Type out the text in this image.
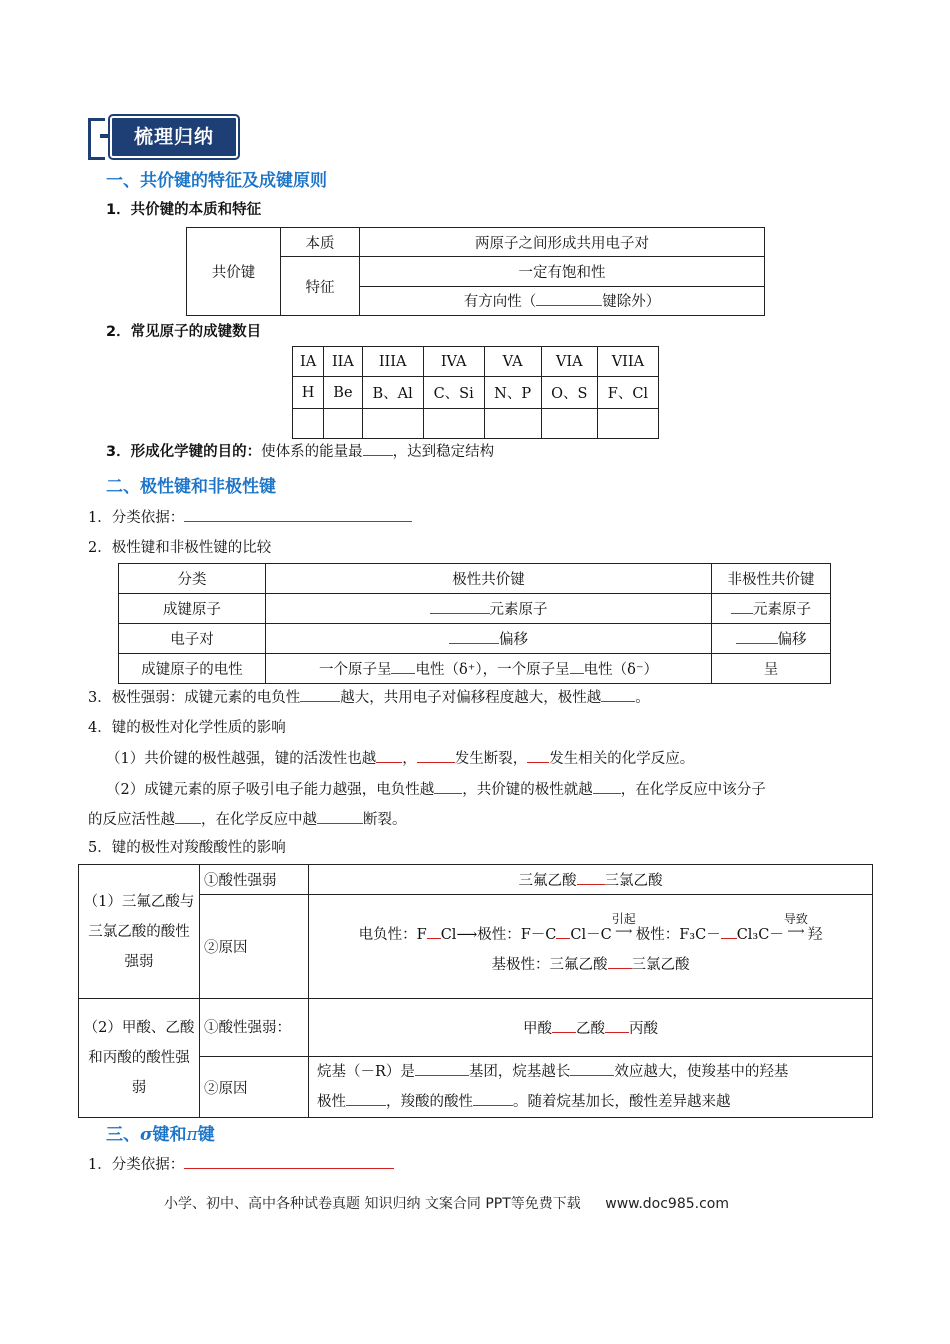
梳理归纳
一、共价键的特征及成键原则
1．共价键的本质和特征
共价键	本质	两原子之间形成共用电子对
	特征	一定有饱和性
		有方向性（ 键除外）
2．常见原子的成键数目
IA	IIA	IIIA	IVA	VA	VIA	VIIA
H	Be	B、Al	C、Si	N、P	O、S	F、Cl

3．形成化学键的目的：使体系的能量最 ，达到稳定结构
二、极性键和非极性键
1．分类依据：
2．极性键和非极性键的比较
分类	极性共价键	非极性共价键
成键原子	元素原子	元素原子
电子对	偏移	偏移
成键原子的电性	一个原子呈 电性（δ⁺），一个原子呈 电性（δ⁻）	呈
3．极性强弱：成键元素的电负性	越大，共用电子对偏移程度越大，极性越 。
4．键的极性对化学性质的影响
（1）共价键的极性越强，键的活泼性也越 ，	发生断裂， 发生相关的化学反应。
（2）成键元素的原子吸引电子能力越强，电负性越 ，共价键的极性就越 ，在化学反应中该分子
的反应活性越 ，在化学反应中越	断裂。
5．键的极性对羧酸酸性的影响
（1）三氟乙酸与三氯乙酸的酸性强弱	①酸性强弱	三氟乙酸 三氯乙酸
	②原因	电负性：F Cl⟶极性：F－C Cl－C引起
⟶ 极性：F₃C－ Cl₃C－导致
⟶ 羟
基极性：三氟乙酸 三氯乙酸
（2）甲酸、乙酸和丙酸的酸性强弱	①酸性强弱：	甲酸 乙酸 丙酸
	②原因	烷基（－R）是 基团，烷基越长 效应越大，使羧基中的羟基
极性 ，羧酸的酸性 。随着烷基加长，酸性差异越来越
三、σ键和π键
1．分类依据：
小学、初中、高中各种试卷真题 知识归纳 文案合同 PPT等免费下载 www.doc985.com
